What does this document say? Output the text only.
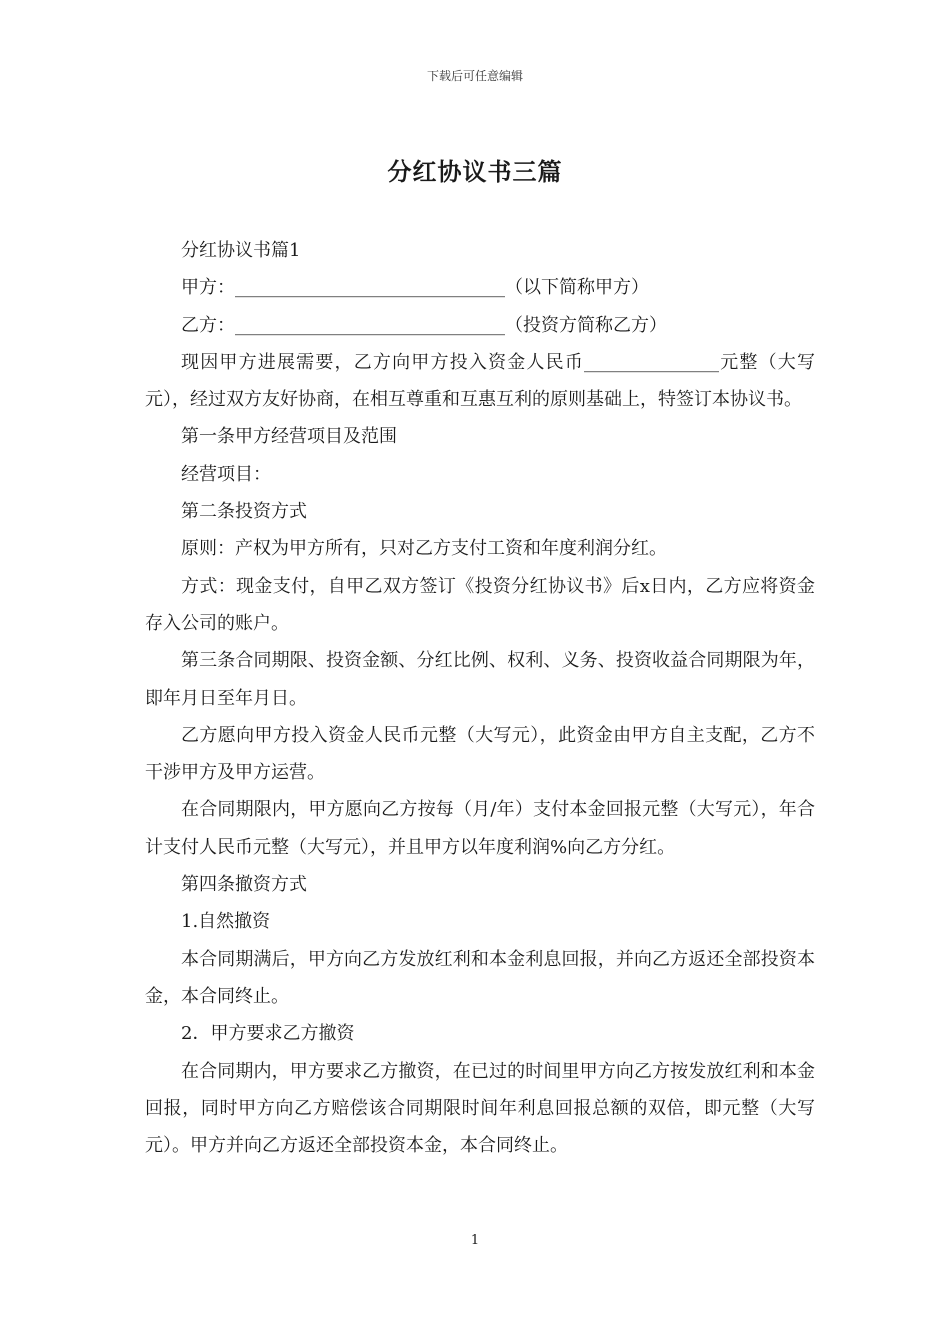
下载后可任意编辑
分红协议书三篇

分红协议书篇1

甲方：______________________________（以下简称甲方）

乙方：______________________________（投资方简称乙方）

现因甲方进展需要，乙方向甲方投入资金人民币_______________元整（大写元），经过双方友好协商，在相互尊重和互惠互利的原则基础上，特签订本协议书。

第一条甲方经营项目及范围

经营项目：

第二条投资方式

原则：产权为甲方所有，只对乙方支付工资和年度利润分红。

方式：现金支付，自甲乙双方签订《投资分红协议书》后x日内，乙方应将资金存入公司的账户。

第三条合同期限、投资金额、分红比例、权利、义务、投资收益合同期限为年，即年月日至年月日。

乙方愿向甲方投入资金人民币元整（大写元），此资金由甲方自主支配，乙方不干涉甲方及甲方运营。

在合同期限内，甲方愿向乙方按每（月/年）支付本金回报元整（大写元），年合计支付人民币元整（大写元），并且甲方以年度利润%向乙方分红。

第四条撤资方式

1.自然撤资

本合同期满后，甲方向乙方发放红利和本金利息回报，并向乙方返还全部投资本金，本合同终止。

2．甲方要求乙方撤资

在合同期内，甲方要求乙方撤资，在已过的时间里甲方向乙方按发放红利和本金回报，同时甲方向乙方赔偿该合同期限时间年利息回报总额的双倍，即元整（大写元）。甲方并向乙方返还全部投资本金，本合同终止。

1
